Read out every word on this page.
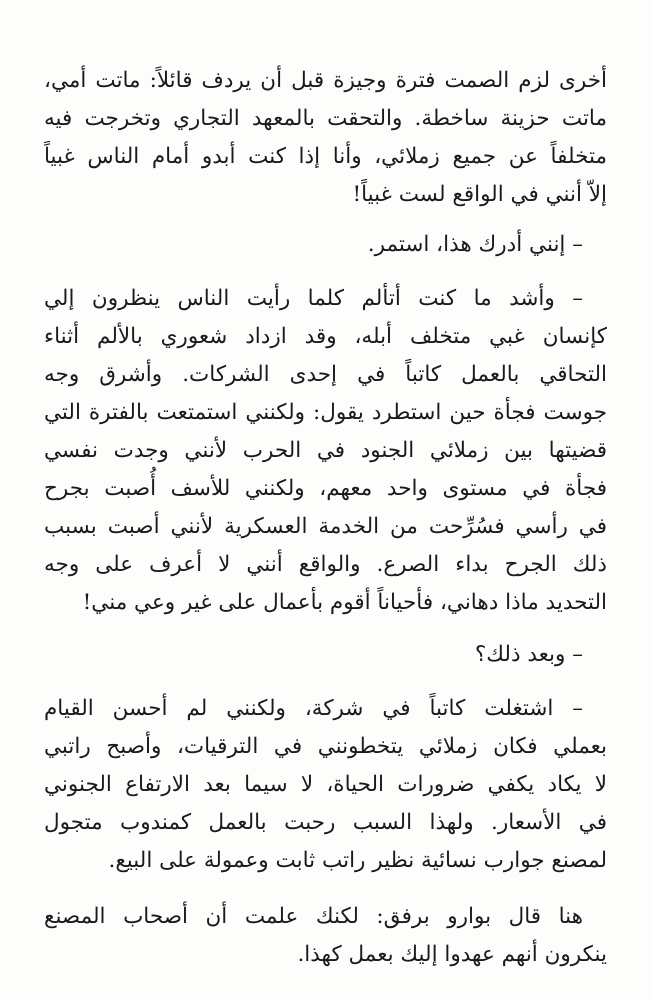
أخرى لزم الصمت فترة وجيزة قبل أن يردف قائلاً: ماتت أمي،
ماتت حزينة ساخطة. والتحقت بالمعهد التجاري وتخرجت فيه
متخلفاً عن جميع زملائي، وأنا إذا كنت أبدو أمام الناس غبياً
إلاّ أنني في الواقع لست غبياً!
– إنني أدرك هذا، استمر.
– وأشد ما كنت أتألم كلما رأيت الناس ينظرون إلي
كإنسان غبي متخلف أبله، وقد ازداد شعوري بالألم أثناء
التحاقي بالعمل كاتباً في إحدى الشركات. وأشرق وجه
جوست فجأة حين استطرد يقول: ولكنني استمتعت بالفترة التي
قضيتها بين زملائي الجنود في الحرب لأنني وجدت نفسي
فجأة في مستوى واحد معهم، ولكنني للأسف أُصبت بجرح
في رأسي فسُرِّحت من الخدمة العسكرية لأنني أصبت بسبب
ذلك الجرح بداء الصرع. والواقع أنني لا أعرف على وجه
التحديد ماذا دهاني، فأحياناً أقوم بأعمال على غير وعي مني!
– وبعد ذلك؟
– اشتغلت كاتباً في شركة، ولكنني لم أحسن القيام
بعملي فكان زملائي يتخطونني في الترقيات، وأصبح راتبي
لا يكاد يكفي ضرورات الحياة، لا سيما بعد الارتفاع الجنوني
في الأسعار. ولهذا السبب رحبت بالعمل كمندوب متجول
لمصنع جوارب نسائية نظير راتب ثابت وعمولة على البيع.
هنا قال بوارو برفق: لكنك علمت أن أصحاب المصنع
ينكرون أنهم عهدوا إليك بعمل كهذا.
